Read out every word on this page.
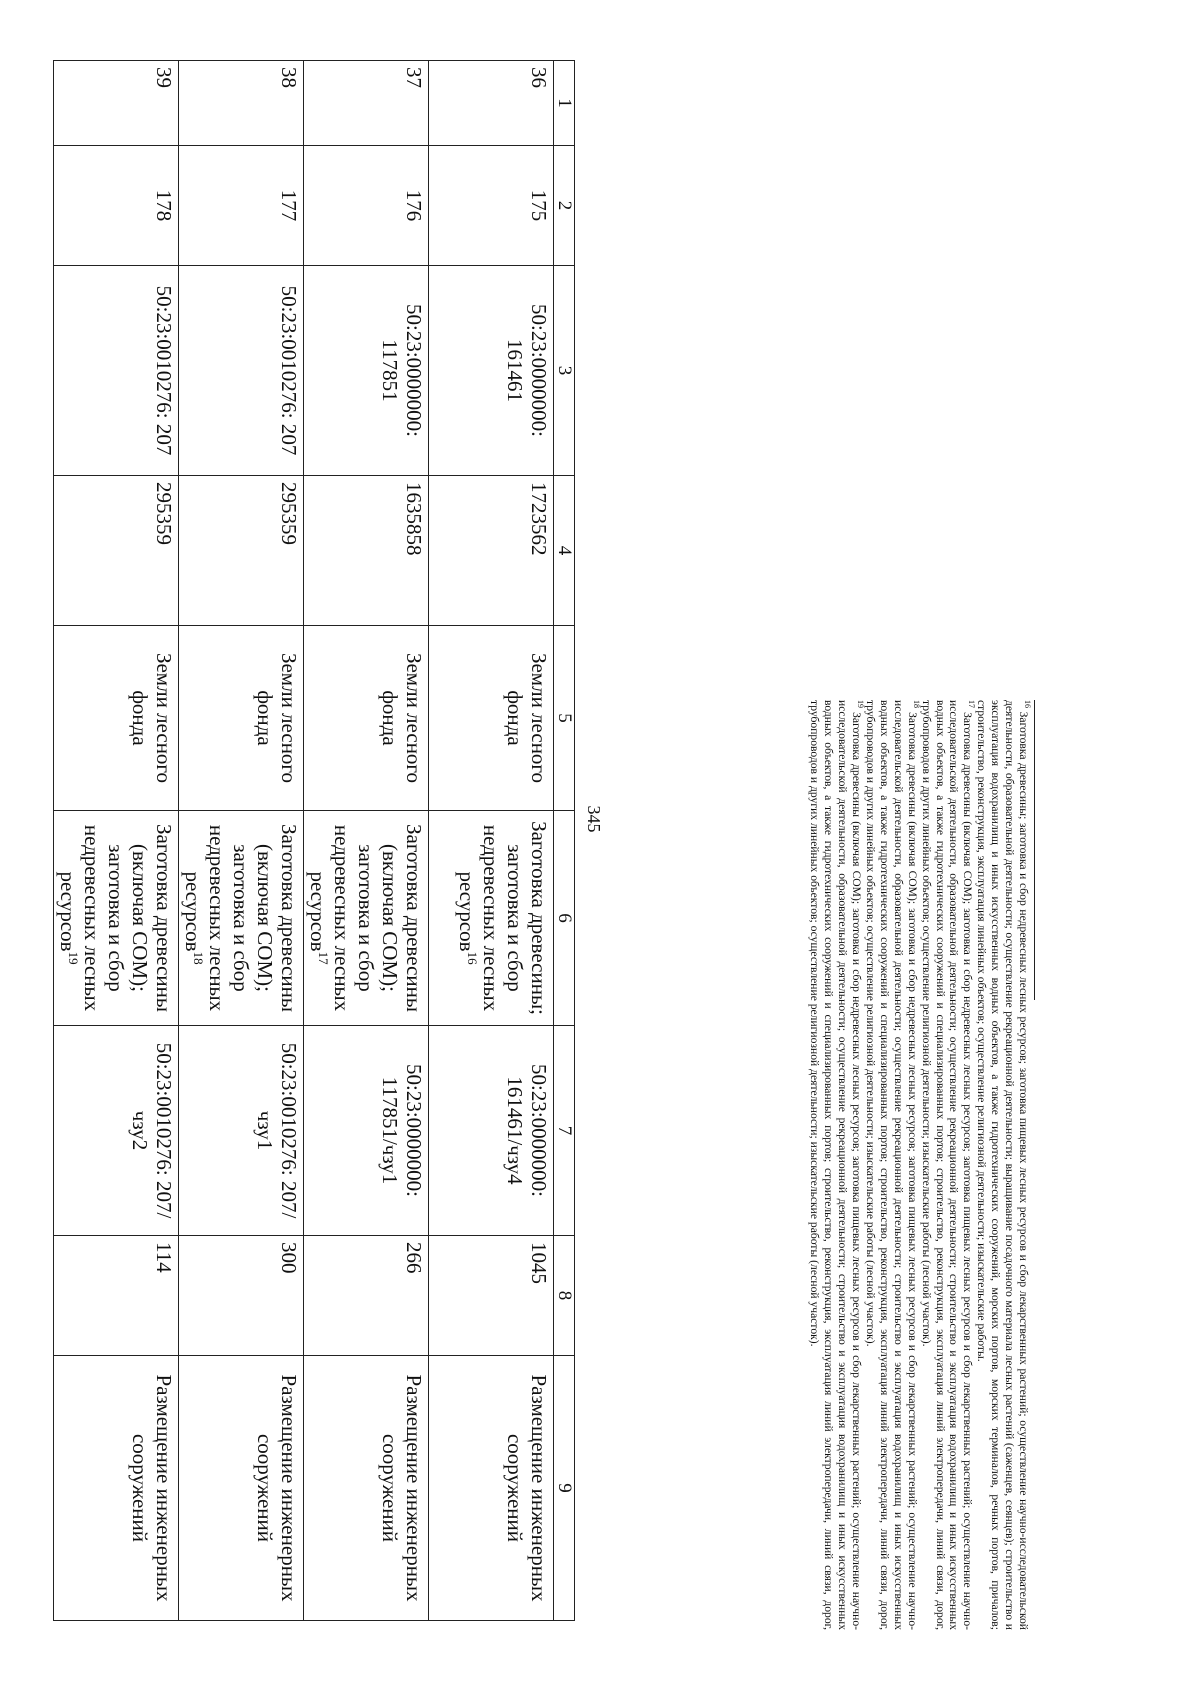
345
1	2	3	4	5	6	7	8	9
36	175	50:23:0000000: 161461	1723562	Земли лесного фонда	Заготовка древесины; заготовка и сбор недревесных лесных ресурсов$^{16}$	50:23:0000000: 161461/чзу4	1045	Размещение инженерных сооружений
37	176	50:23:0000000: 117851	1635858	Земли лесного фонда	Заготовка древесины (включая СОМ); заготовка и сбор недревесных лесных ресурсов$^{17}$	50:23:0000000: 117851/чзу1	266	Размещение инженерных сооружений
38	177	50:23:0010276: 207	295359	Земли лесного фонда	Заготовка древесины (включая СОМ); заготовка и сбор недревесных лесных ресурсов$^{18}$	50:23:0010276: 207/чзу1	300	Размещение инженерных сооружений
39	178	50:23:0010276: 207	295359	Земли лесного фонда	Заготовка древесины (включая СОМ); заготовка и сбор недревесных лесных ресурсов$^{19}$	50:23:0010276: 207/чзу2	114	Размещение инженерных сооружений

$^{16}$ Заготовка древесины; заготовка и сбор недревесных лесных ресурсов; заготовка пищевых лесных ресурсов и сбор лекарственных растений; осуществление научно-исследовательской деятельности, образовательной деятельности; осуществление рекреационной деятельности; выращивание посадочного материала лесных растений (саженцев, сеянцев); строительство и эксплуатация водохранилищ и иных искусственных водных объектов, а также гидротехнических сооружений, морских портов, морских терминалов, речных портов, причалов; строительство, реконструкция, эксплуатация линейных объектов; осуществление религиозной деятельности; изыскательские работы.

$^{17}$ Заготовка древесины (включая СОМ); заготовка и сбор недревесных лесных ресурсов; заготовка пищевых лесных ресурсов и сбор лекарственных растений; осуществление научно-исследовательской деятельности, образовательной деятельности; осуществление рекреационной деятельности; строительство и эксплуатация водохранилищ и иных искусственных водных объектов, а также гидротехнических сооружений и специализированных портов; строительство, реконструкция, эксплуатация линий электропередачи, линий связи, дорог, трубопроводов и других линейных объектов; осуществление религиозной деятельности; изыскательские работы (лесной участок).

$^{18}$ Заготовка древесины (включая СОМ); заготовка и сбор недревесных лесных ресурсов; заготовка пищевых лесных ресурсов и сбор лекарственных растений; осуществление научно-исследовательской деятельности, образовательной деятельности; осуществление рекреационной деятельности; строительство и эксплуатация водохранилищ и иных искусственных водных объектов, а также гидротехнических сооружений и специализированных портов; строительство, реконструкция, эксплуатация линий электропередачи, линий связи, дорог, трубопроводов и других линейных объектов; осуществление религиозной деятельности; изыскательские работы (лесной участок).

$^{19}$ Заготовка древесины (включая СОМ); заготовка и сбор недревесных лесных ресурсов; заготовка пищевых лесных ресурсов и сбор лекарственных растений; осуществление научно-исследовательской деятельности, образовательной деятельности; осуществление рекреационной деятельности; строительство и эксплуатация водохранилищ и иных искусственных водных объектов, а также гидротехнических сооружений и специализированных портов; строительство, реконструкция, эксплуатация линий электропередачи, линий связи, дорог, трубопроводов и других линейных объектов; осуществление религиозной деятельности; изыскательские работы (лесной участок).
